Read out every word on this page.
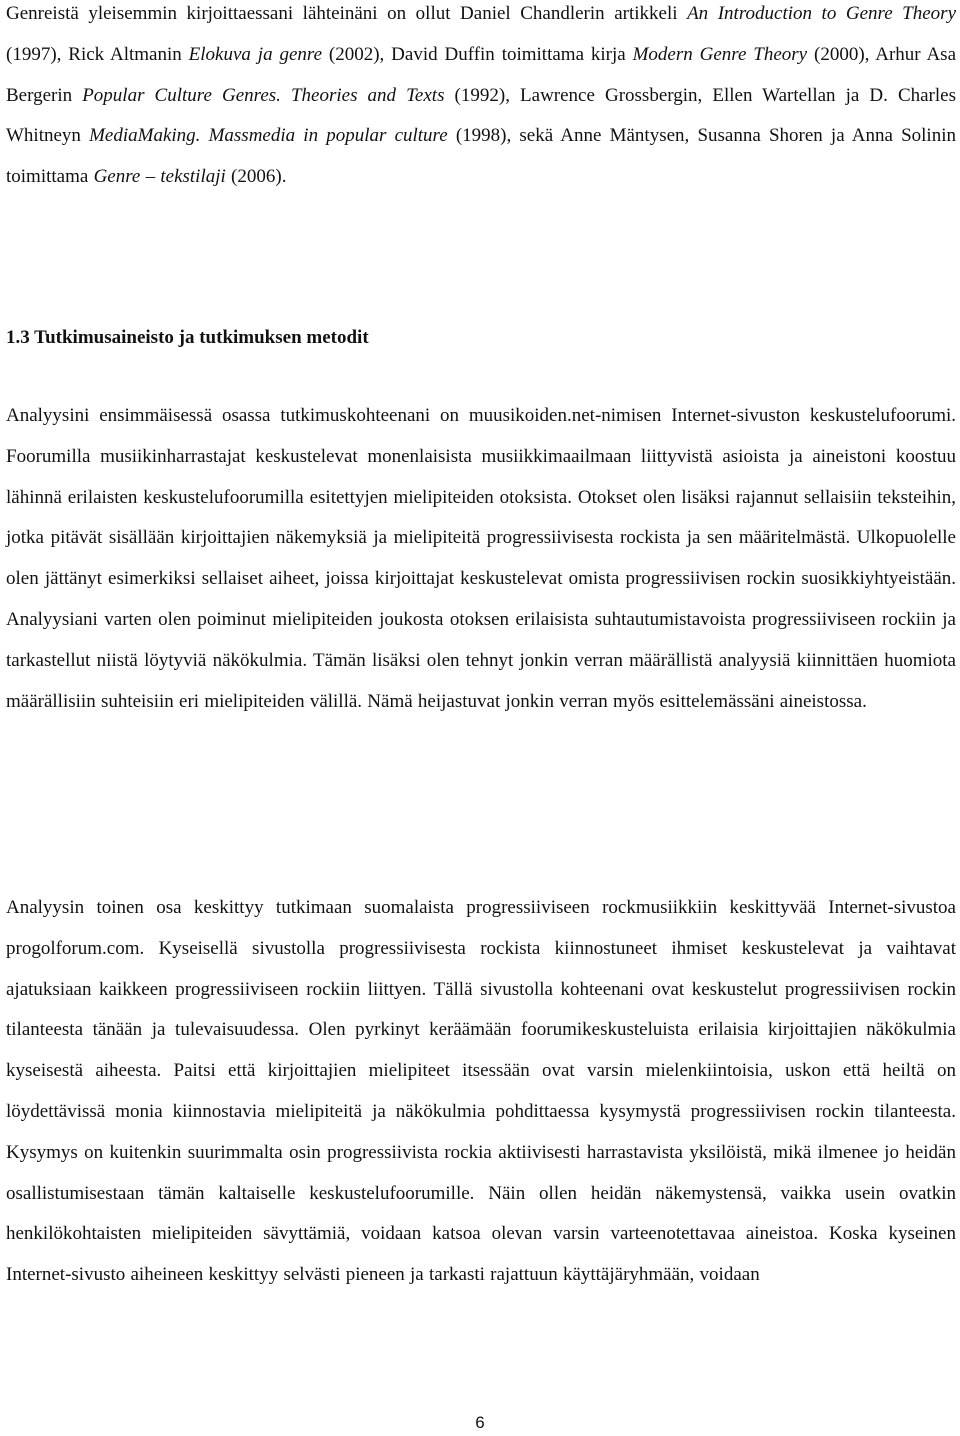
Genreistä yleisemmin kirjoittaessani lähteinäni on ollut Daniel Chandlerin artikkeli An Introduction to Genre Theory (1997), Rick Altmanin Elokuva ja genre (2002), David Duffin toimittama kirja Modern Genre Theory (2000), Arhur Asa Bergerin Popular Culture Genres. Theories and Texts (1992), Lawrence Grossbergin, Ellen Wartellan ja D. Charles Whitneyn MediaMaking. Massmedia in popular culture (1998), sekä Anne Mäntysen, Susanna Shoren ja Anna Solinin toimittama Genre – tekstilaji (2006).

1.3 Tutkimusaineisto ja tutkimuksen metodit

Analyysini ensimmäisessä osassa tutkimuskohteenani on muusikoiden.net-nimisen Internet-sivuston keskustelufoorumi. Foorumilla musiikinharrastajat keskustelevat monenlaisista musiikkimaailmaan liittyvistä asioista ja aineistoni koostuu lähinnä erilaisten keskustelufoorumilla esitettyjen mielipiteiden otoksista. Otokset olen lisäksi rajannut sellaisiin teksteihin, jotka pitävät sisällään kirjoittajien näkemyksiä ja mielipiteitä progressiivisesta rockista ja sen määritelmästä. Ulkopuolelle olen jättänyt esimerkiksi sellaiset aiheet, joissa kirjoittajat keskustelevat omista progressiivisen rockin suosikkiyhtyeistään. Analyysiani varten olen poiminut mielipiteiden joukosta otoksen erilaisista suhtautumistavoista progressiiviseen rockiin ja tarkastellut niistä löytyviä näkökulmia. Tämän lisäksi olen tehnyt jonkin verran määrällistä analyysiä kiinnittäen huomiota määrällisiin suhteisiin eri mielipiteiden välillä. Nämä heijastuvat jonkin verran myös esittelemässäni aineistossa.

Analyysin toinen osa keskittyy tutkimaan suomalaista progressiiviseen rockmusiikkiin keskittyvää Internet-sivustoa progolforum.com. Kyseisellä sivustolla progressiivisesta rockista kiinnostuneet ihmiset keskustelevat ja vaihtavat ajatuksiaan kaikkeen progressiiviseen rockiin liittyen. Tällä sivustolla kohteenani ovat keskustelut progressiivisen rockin tilanteesta tänään ja tulevaisuudessa. Olen pyrkinyt keräämään foorumikeskusteluista erilaisia kirjoittajien näkökulmia kyseisestä aiheesta. Paitsi että kirjoittajien mielipiteet itsessään ovat varsin mielenkiintoisia, uskon että heiltä on löydettävissä monia kiinnostavia mielipiteitä ja näkökulmia pohdittaessa kysymystä progressiivisen rockin tilanteesta. Kysymys on kuitenkin suurimmalta osin progressiivista rockia aktiivisesti harrastavista yksilöistä, mikä ilmenee jo heidän osallistumisestaan tämän kaltaiselle keskustelufoorumille. Näin ollen heidän näkemystensä, vaikka usein ovatkin henkilökohtaisten mielipiteiden sävyttämiä, voidaan katsoa olevan varsin varteenotettavaa aineistoa. Koska kyseinen Internet-sivusto aiheineen keskittyy selvästi pieneen ja tarkasti rajattuun käyttäjäryhmään, voidaan

6
